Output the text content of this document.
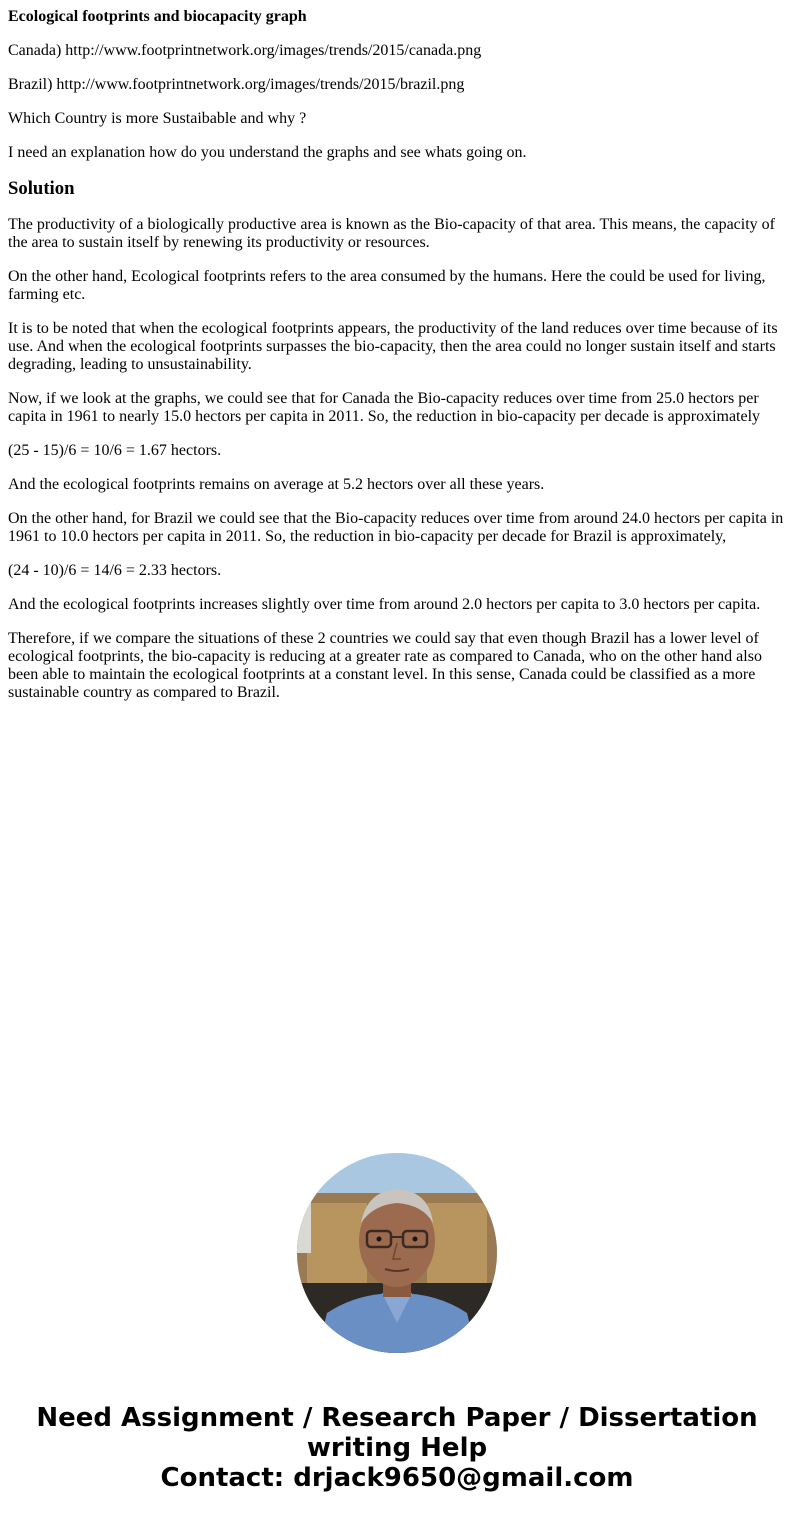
Ecological footprints and biocapacity graph

Canada) http://www.footprintnetwork.org/images/trends/2015/canada.png

Brazil) http://www.footprintnetwork.org/images/trends/2015/brazil.png

Which Country is more Sustaibable and why ?

I need an explanation how do you understand the graphs and see whats going on.

Solution

The productivity of a biologically productive area is known as the Bio-capacity of that area. This means, the capacity of the area to sustain itself by renewing its productivity or resources.

On the other hand, Ecological footprints refers to the area consumed by the humans. Here the could be used for living, farming etc.

It is to be noted that when the ecological footprints appears, the productivity of the land reduces over time because of its use. And when the ecological footprints surpasses the bio-capacity, then the area could no longer sustain itself and starts degrading, leading to unsustainability.

Now, if we look at the graphs, we could see that for Canada the Bio-capacity reduces over time from 25.0 hectors per capita in 1961 to nearly 15.0 hectors per capita in 2011. So, the reduction in bio-capacity per decade is approximately

(25 - 15)/6 = 10/6 = 1.67 hectors.

And the ecological footprints remains on average at 5.2 hectors over all these years.

On the other hand, for Brazil we could see that the Bio-capacity reduces over time from around 24.0 hectors per capita in 1961 to 10.0 hectors per capita in 2011. So, the reduction in bio-capacity per decade for Brazil is approximately,

(24 - 10)/6 = 14/6 = 2.33 hectors.

And the ecological footprints increases slightly over time from around 2.0 hectors per capita to 3.0 hectors per capita.

Therefore, if we compare the situations of these 2 countries we could say that even though Brazil has a lower level of ecological footprints, the bio-capacity is reducing at a greater rate as compared to Canada, who on the other hand also been able to maintain the ecological footprints at a constant level. In this sense, Canada could be classified as a more sustainable country as compared to Brazil.

Need Assignment / Research Paper / Dissertation
writing Help
Contact: drjack9650@gmail.com
